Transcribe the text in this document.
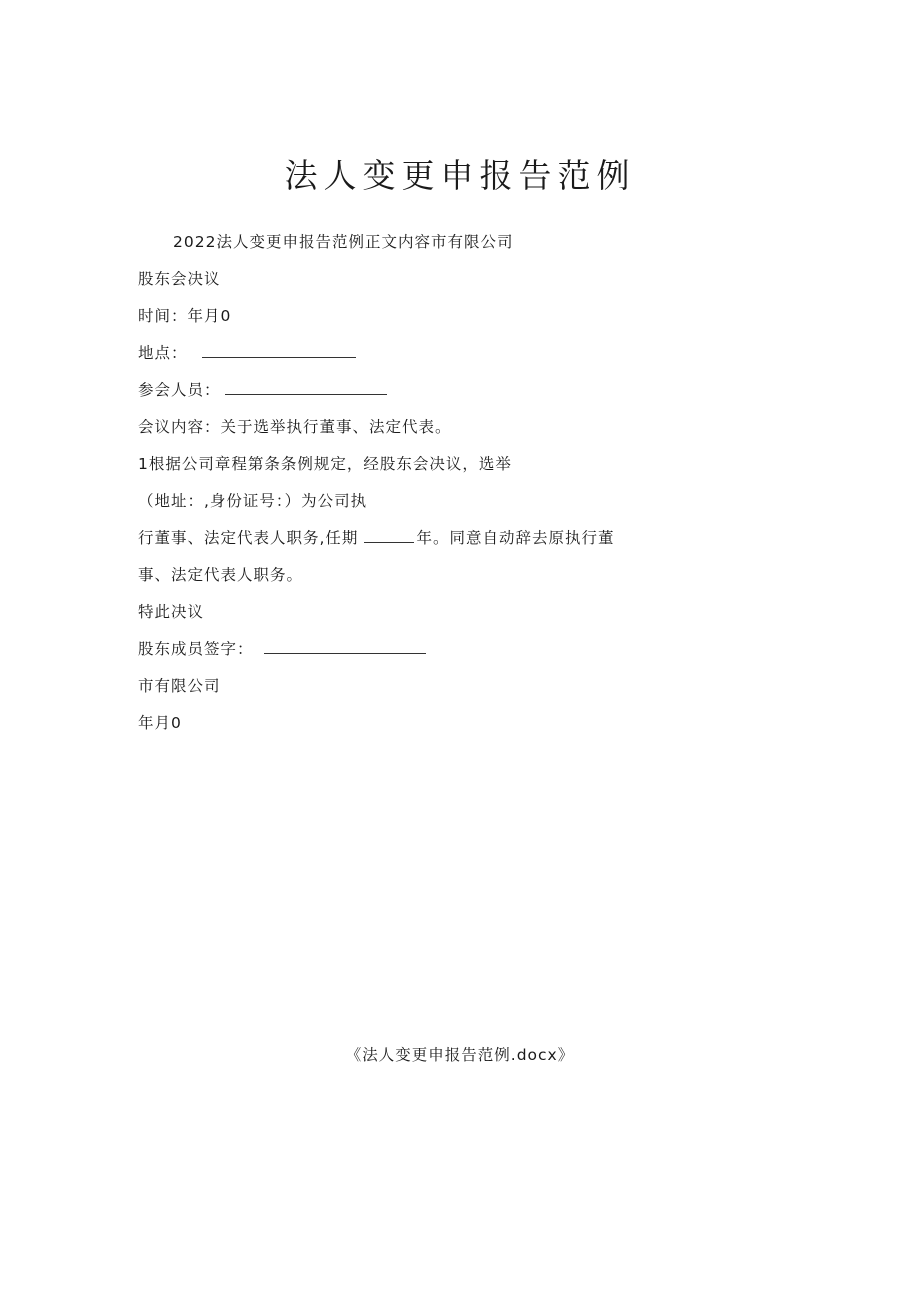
法人变更申报告范例
2022法人变更申报告范例正文内容市有限公司
股东会决议
时间：年月0
地点：
参会人员：
会议内容：关于选举执行董事、法定代表。
1根据公司章程第条条例规定，经股东会决议，选举
（地址：,身份证号：）为公司执
行董事、法定代表人职务,任期	年。同意自动辞去原执行董
事、法定代表人职务。
特此决议
股东成员签字：
市有限公司
年月0
《法人变更申报告范例.docx》
